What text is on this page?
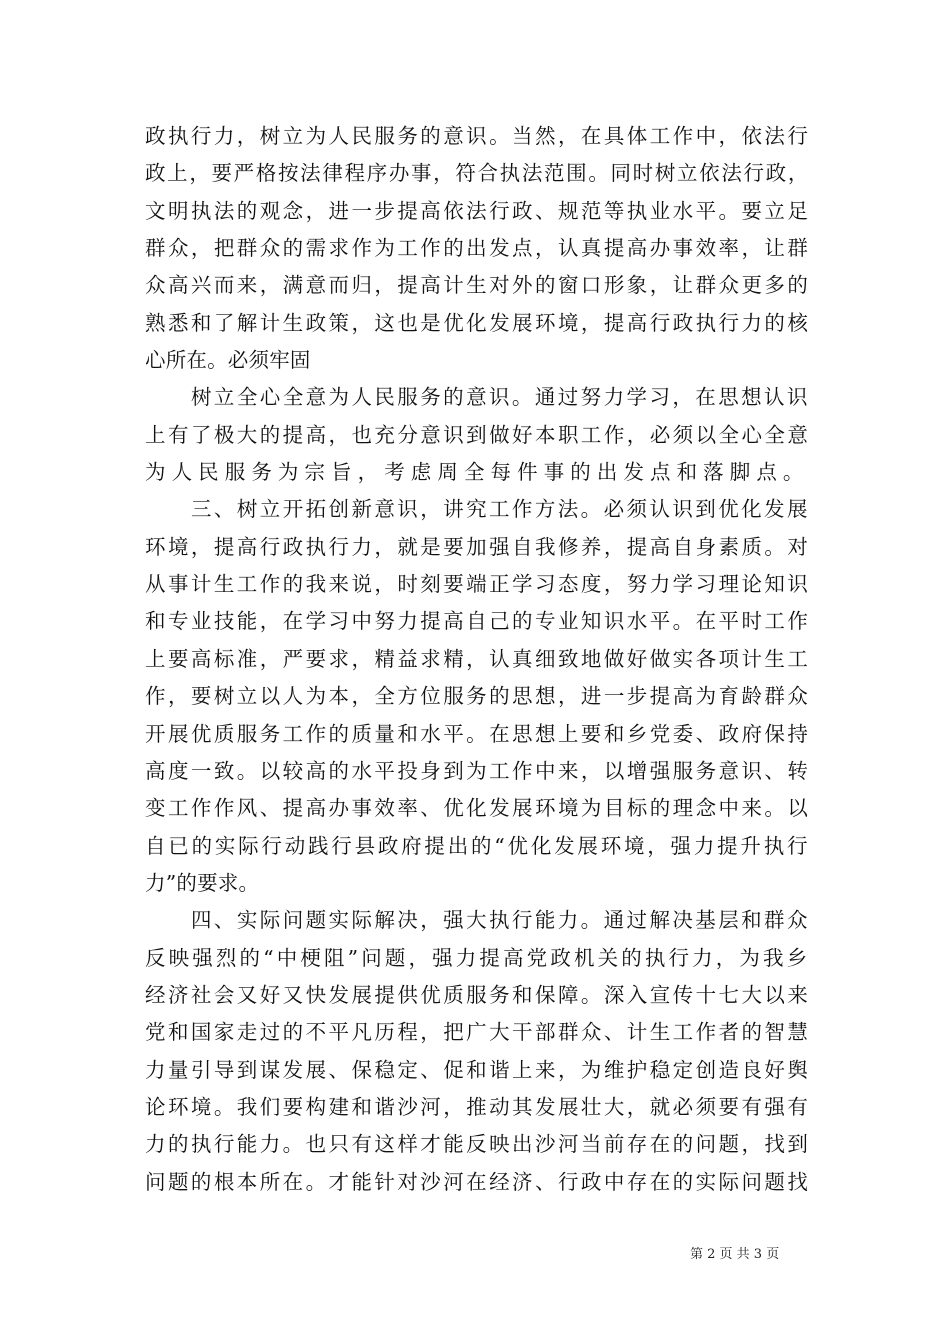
政执行力，树立为人民服务的意识。当然，在具体工作中，依法行
政上，要严格按法律程序办事，符合执法范围。同时树立依法行政，
文明执法的观念，进一步提高依法行政、规范等执业水平。要立足
群众，把群众的需求作为工作的出发点，认真提高办事效率，让群
众高兴而来，满意而归，提高计生对外的窗口形象，让群众更多的
熟悉和了解计生政策，这也是优化发展环境，提高行政执行力的核
心所在。必须牢固
树立全心全意为人民服务的意识。通过努力学习，在思想认识
上有了极大的提高，也充分意识到做好本职工作，必须以全心全意
为人民服务为宗旨，考虑周全每件事的出发点和落脚点。
三、树立开拓创新意识，讲究工作方法。必须认识到优化发展
环境，提高行政执行力，就是要加强自我修养，提高自身素质。对
从事计生工作的我来说，时刻要端正学习态度，努力学习理论知识
和专业技能，在学习中努力提高自己的专业知识水平。在平时工作
上要高标准，严要求，精益求精，认真细致地做好做实各项计生工
作，要树立以人为本，全方位服务的思想，进一步提高为育龄群众
开展优质服务工作的质量和水平。在思想上要和乡党委、政府保持
高度一致。以较高的水平投身到为工作中来，以增强服务意识、转
变工作作风、提高办事效率、优化发展环境为目标的理念中来。以
自已的实际行动践行县政府提出的“优化发展环境，强力提升执行
力”的要求。
四、实际问题实际解决，强大执行能力。通过解决基层和群众
反映强烈的“中梗阻”问题，强力提高党政机关的执行力，为我乡
经济社会又好又快发展提供优质服务和保障。深入宣传十七大以来
党和国家走过的不平凡历程，把广大干部群众、计生工作者的智慧
力量引导到谋发展、保稳定、促和谐上来，为维护稳定创造良好舆
论环境。我们要构建和谐沙河，推动其发展壮大，就必须要有强有
力的执行能力。也只有这样才能反映出沙河当前存在的问题，找到
问题的根本所在。才能针对沙河在经济、行政中存在的实际问题找
第 2 页 共 3 页
